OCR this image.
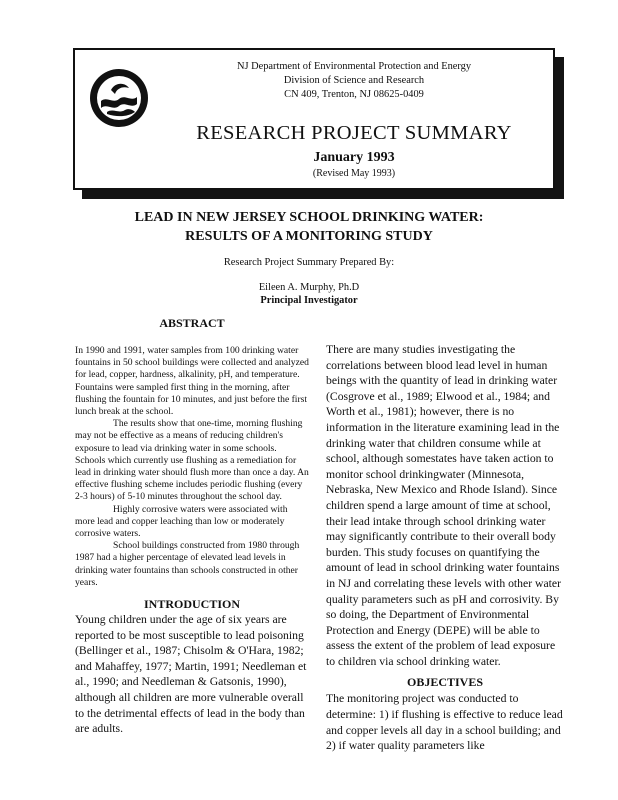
NJ Department of Environmental Protection and Energy
Division of Science and Research
CN 409, Trenton, NJ 08625-0409
RESEARCH PROJECT SUMMARY
January 1993
(Revised May 1993)
LEAD IN NEW JERSEY SCHOOL DRINKING WATER:
RESULTS OF A MONITORING STUDY
Research Project Summary Prepared By:
Eileen A. Murphy, Ph.D
Principal Investigator
ABSTRACT

In 1990 and 1991, water samples from 100 drinking water fountains in 50 school buildings were collected and analyzed for lead, copper, hardness, alkalinity, pH, and temperature. Fountains were sampled first thing in the morning, after flushing the fountain for 10 minutes, and just before the first lunch break at the school.

The results show that one-time, morning flushing may not be effective as a means of reducing children's exposure to lead via drinking water in some schools. Schools which currently use flushing as a remediation for lead in drinking water should flush more than once a day. An effective flushing scheme includes periodic flushing (every 2-3 hours) of 5-10 minutes throughout the school day.

Highly corrosive waters were associated with more lead and copper leaching than low or moderately corrosive waters.

School buildings constructed from 1980 through 1987 had a higher percentage of elevated lead levels in drinking water fountains than schools constructed in other years.

INTRODUCTION

Young children under the age of six years are reported to be most susceptible to lead poisoning (Bellinger et al., 1987; Chisolm & O'Hara, 1982; and Mahaffey, 1977; Martin, 1991; Needleman et al., 1990; and Needleman & Gatsonis, 1990), although all children are more vulnerable overall to the detrimental effects of lead in the body than are adults.

There are many studies investigating the correlations between blood lead level in human beings with the quantity of lead in drinking water (Cosgrove et al., 1989; Elwood et al., 1984; and Worth et al., 1981); however, there is no information in the literature examining lead in the drinking water that children consume while at school, although somestates have taken action to monitor school drinkingwater (Minnesota, Nebraska, New Mexico and Rhode Island). Since children spend a large amount of time at school, their lead intake through school drinking water may significantly contribute to their overall body burden. This study focuses on quantifying the amount of lead in school drinking water fountains in NJ and correlating these levels with other water quality parameters such as pH and corrosivity. By so doing, the Department of Environmental Protection and Energy (DEPE) will be able to assess the extent of the problem of lead exposure to children via school drinking water.

OBJECTIVES

The monitoring project was conducted to determine: 1) if flushing is effective to reduce lead and copper levels all day in a school building; and 2) if water quality parameters like
